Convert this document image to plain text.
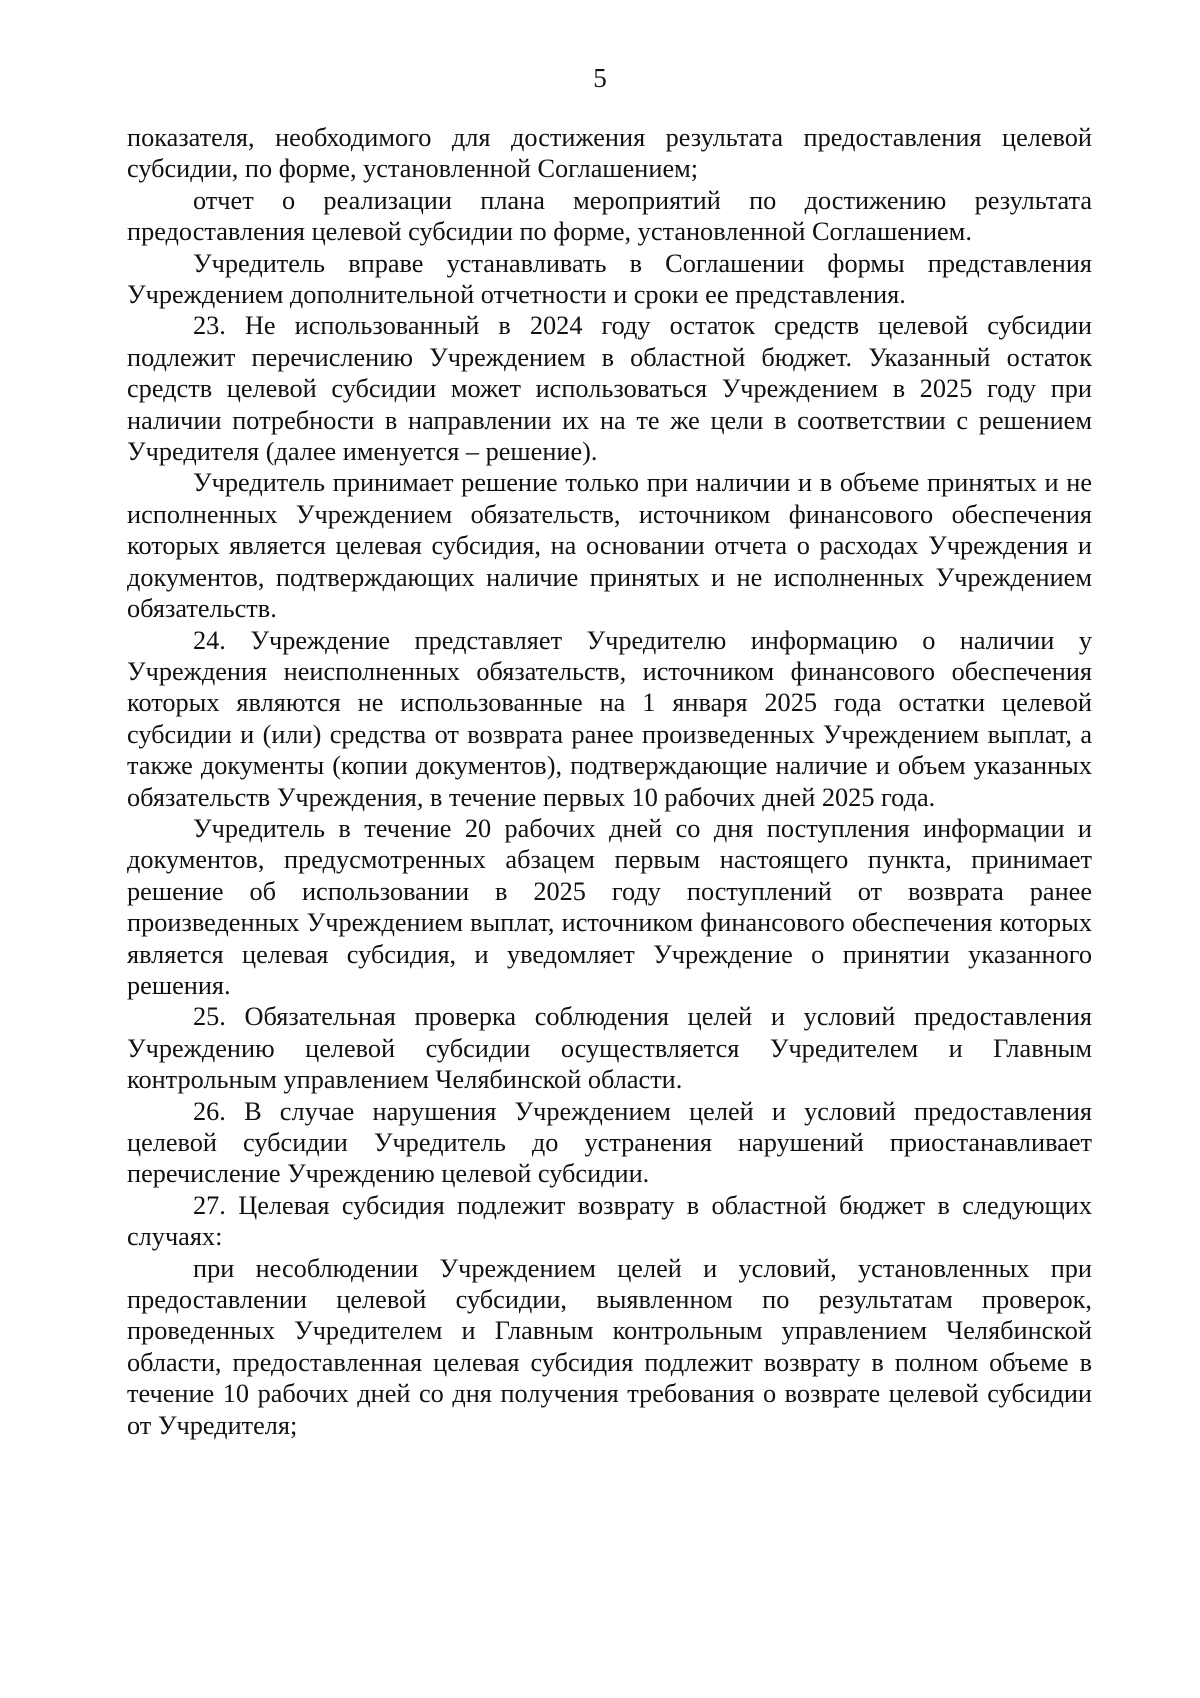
5

показателя, необходимого для достижения результата предоставления целевой субсидии, по форме, установленной Соглашением;

отчет о реализации плана мероприятий по достижению результата предоставления целевой субсидии по форме, установленной Соглашением.

Учредитель вправе устанавливать в Соглашении формы представления Учреждением дополнительной отчетности и сроки ее представления.

23. Не использованный в 2024 году остаток средств целевой субсидии подлежит перечислению Учреждением в областной бюджет. Указанный остаток средств целевой субсидии может использоваться Учреждением в 2025 году при наличии потребности в направлении их на те же цели в соответствии с решением Учредителя (далее именуется – решение).

Учредитель принимает решение только при наличии и в объеме принятых и не исполненных Учреждением обязательств, источником финансового обеспечения которых является целевая субсидия, на основании отчета о расходах Учреждения и документов, подтверждающих наличие принятых и не исполненных Учреждением обязательств.

24. Учреждение представляет Учредителю информацию о наличии у Учреждения неисполненных обязательств, источником финансового обеспечения которых являются не использованные на 1 января 2025 года остатки целевой субсидии и (или) средства от возврата ранее произведенных Учреждением выплат, а также документы (копии документов), подтверждающие наличие и объем указанных обязательств Учреждения, в течение первых 10 рабочих дней 2025 года.

Учредитель в течение 20 рабочих дней со дня поступления информации и документов, предусмотренных абзацем первым настоящего пункта, принимает решение об использовании в 2025 году поступлений от возврата ранее произведенных Учреждением выплат, источником финансового обеспечения которых является целевая субсидия, и уведомляет Учреждение о принятии указанного решения.

25. Обязательная проверка соблюдения целей и условий предоставления Учреждению целевой субсидии осуществляется Учредителем и Главным контрольным управлением Челябинской области.

26. В случае нарушения Учреждением целей и условий предоставления целевой субсидии Учредитель до устранения нарушений приостанавливает перечисление Учреждению целевой субсидии.

27. Целевая субсидия подлежит возврату в областной бюджет в следующих случаях:

при несоблюдении Учреждением целей и условий, установленных при предоставлении целевой субсидии, выявленном по результатам проверок, проведенных Учредителем и Главным контрольным управлением Челябинской области, предоставленная целевая субсидия подлежит возврату в полном объеме в течение 10 рабочих дней со дня получения требования о возврате целевой субсидии от Учредителя;
